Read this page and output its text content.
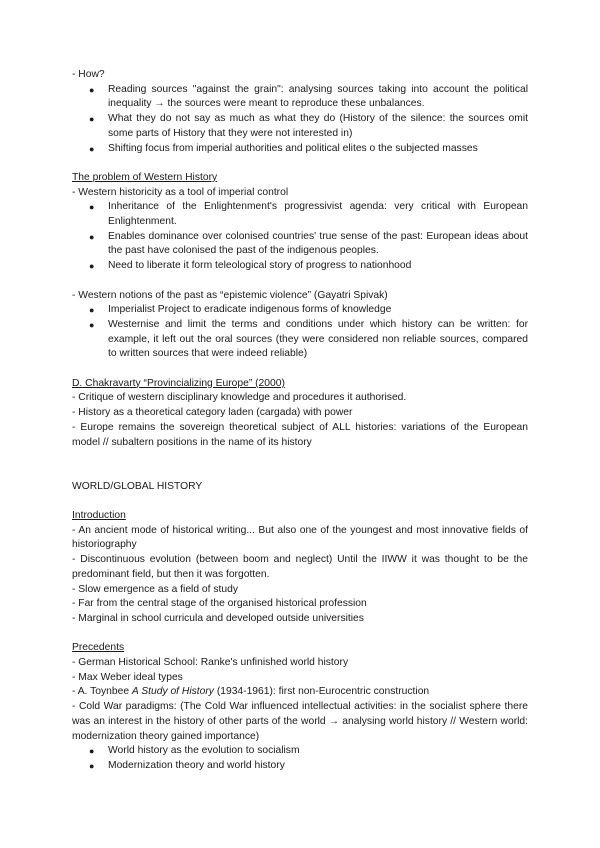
- How?

● Reading sources "against the grain": analysing sources taking into account the political inequality → the sources were meant to reproduce these unbalances.
● What they do not say as much as what they do (History of the silence: the sources omit some parts of History that they were not interested in)
● Shifting focus from imperial authorities and political elites o the subjected masses

The problem of Western History

- Western historicity as a tool of imperial control

● Inheritance of the Enlightenment's progressivist agenda: very critical with European Enlightenment.
● Enables dominance over colonised countries' true sense of the past: European ideas about the past have colonised the past of the indigenous peoples.
● Need to liberate it form teleological story of progress to nationhood

- Western notions of the past as “epistemic violence” (Gayatri Spivak)

● Imperialist Project to eradicate indigenous forms of knowledge
● Westernise and limit the terms and conditions under which history can be written: for example, it left out the oral sources (they were considered non reliable sources, compared to written sources that were indeed reliable)

D. Chakravarty “Provincializing Europe” (2000)

- Critique of western disciplinary knowledge and procedures it authorised.

- History as a theoretical category laden (cargada) with power

- Europe remains the sovereign theoretical subject of ALL histories: variations of the European model // subaltern positions in the name of its history

WORLD/GLOBAL HISTORY

Introduction

- An ancient mode of historical writing... But also one of the youngest and most innovative fields of historiography

- Discontinuous evolution (between boom and neglect) Until the IIWW it was thought to be the predominant field, but then it was forgotten.

- Slow emergence as a field of study

- Far from the central stage of the organised historical profession

- Marginal in school curricula and developed outside universities

Precedents

- German Historical School: Ranke's unfinished world history

- Max Weber ideal types

- A. Toynbee A Study of History (1934-1961): first non-Eurocentric construction

- Cold War paradigms: (The Cold War influenced intellectual activities: in the socialist sphere there was an interest in the history of other parts of the world → analysing world history // Western world: modernization theory gained importance)

● World history as the evolution to socialism
● Modernization theory and world history
